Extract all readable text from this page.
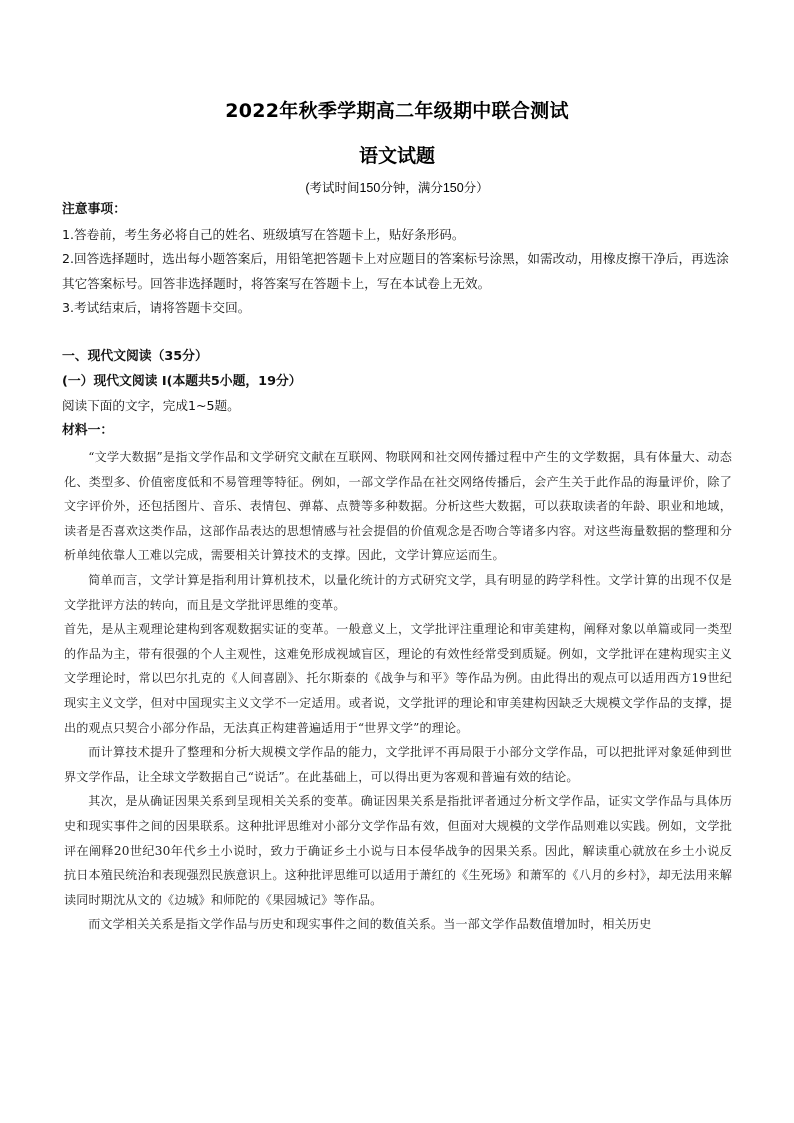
2022年秋季学期高二年级期中联合测试
语文试题
(考试时间150分钟，满分150分）
注意事项：
1.答卷前，考生务必将自己的姓名、班级填写在答题卡上，贴好条形码。
2.回答选择题时，选出每小题答案后，用铅笔把答题卡上对应题目的答案标号涂黑，如需改动，用橡皮擦干净后，再选涂其它答案标号。回答非选择题时，将答案写在答题卡上，写在本试卷上无效。
3.考试结束后，请将答题卡交回。
一、现代文阅读（35分）
(一）现代文阅读 I(本题共5小题，19分）
阅读下面的文字，完成1~5题。
材料一：

“文学大数据”是指文学作品和文学研究文献在互联网、物联网和社交网传播过程中产生的文学数据，具有体量大、动态化、类型多、价值密度低和不易管理等特征。例如，一部文学作品在社交网络传播后，会产生关于此作品的海量评价，除了文字评价外，还包括图片、音乐、表情包、弹幕、点赞等多种数据。分析这些大数据，可以获取读者的年龄、职业和地域，读者是否喜欢这类作品，这部作品表达的思想情感与社会提倡的价值观念是否吻合等诸多内容。对这些海量数据的整理和分析单纯依靠人工难以完成，需要相关计算技术的支撑。因此，文学计算应运而生。

简单而言，文学计算是指利用计算机技术，以量化统计的方式研究文学，具有明显的跨学科性。文学计算的出现不仅是文学批评方法的转向，而且是文学批评思维的变革。

首先，是从主观理论建构到客观数据实证的变革。一般意义上，文学批评注重理论和审美建构，阐释对象以单篇或同一类型的作品为主，带有很强的个人主观性，这难免形成视域盲区，理论的有效性经常受到质疑。例如，文学批评在建构现实主义文学理论时，常以巴尔扎克的《人间喜剧》、托尔斯泰的《战争与和平》等作品为例。由此得出的观点可以适用西方19世纪现实主义文学，但对中国现实主义文学不一定适用。或者说，文学批评的理论和审美建构因缺乏大规模文学作品的支撑，提出的观点只契合小部分作品，无法真正构建普遍适用于“世界文学”的理论。

而计算技术提升了整理和分析大规模文学作品的能力，文学批评不再局限于小部分文学作品，可以把批评对象延伸到世界文学作品，让全球文学数据自己“说话”。在此基础上，可以得出更为客观和普遍有效的结论。

其次，是从确证因果关系到呈现相关关系的变革。确证因果关系是指批评者通过分析文学作品，证实文学作品与具体历史和现实事件之间的因果联系。这种批评思维对小部分文学作品有效，但面对大规模的文学作品则难以实践。例如，文学批评在阐释20世纪30年代乡土小说时，致力于确证乡土小说与日本侵华战争的因果关系。因此，解读重心就放在乡土小说反抗日本殖民统治和表现强烈民族意识上。这种批评思维可以适用于萧红的《生死场》和萧军的《八月的乡村》，却无法用来解读同时期沈从文的《边城》和师陀的《果园城记》等作品。

而文学相关关系是指文学作品与历史和现实事件之间的数值关系。当一部文学作品数值增加时，相关历史
